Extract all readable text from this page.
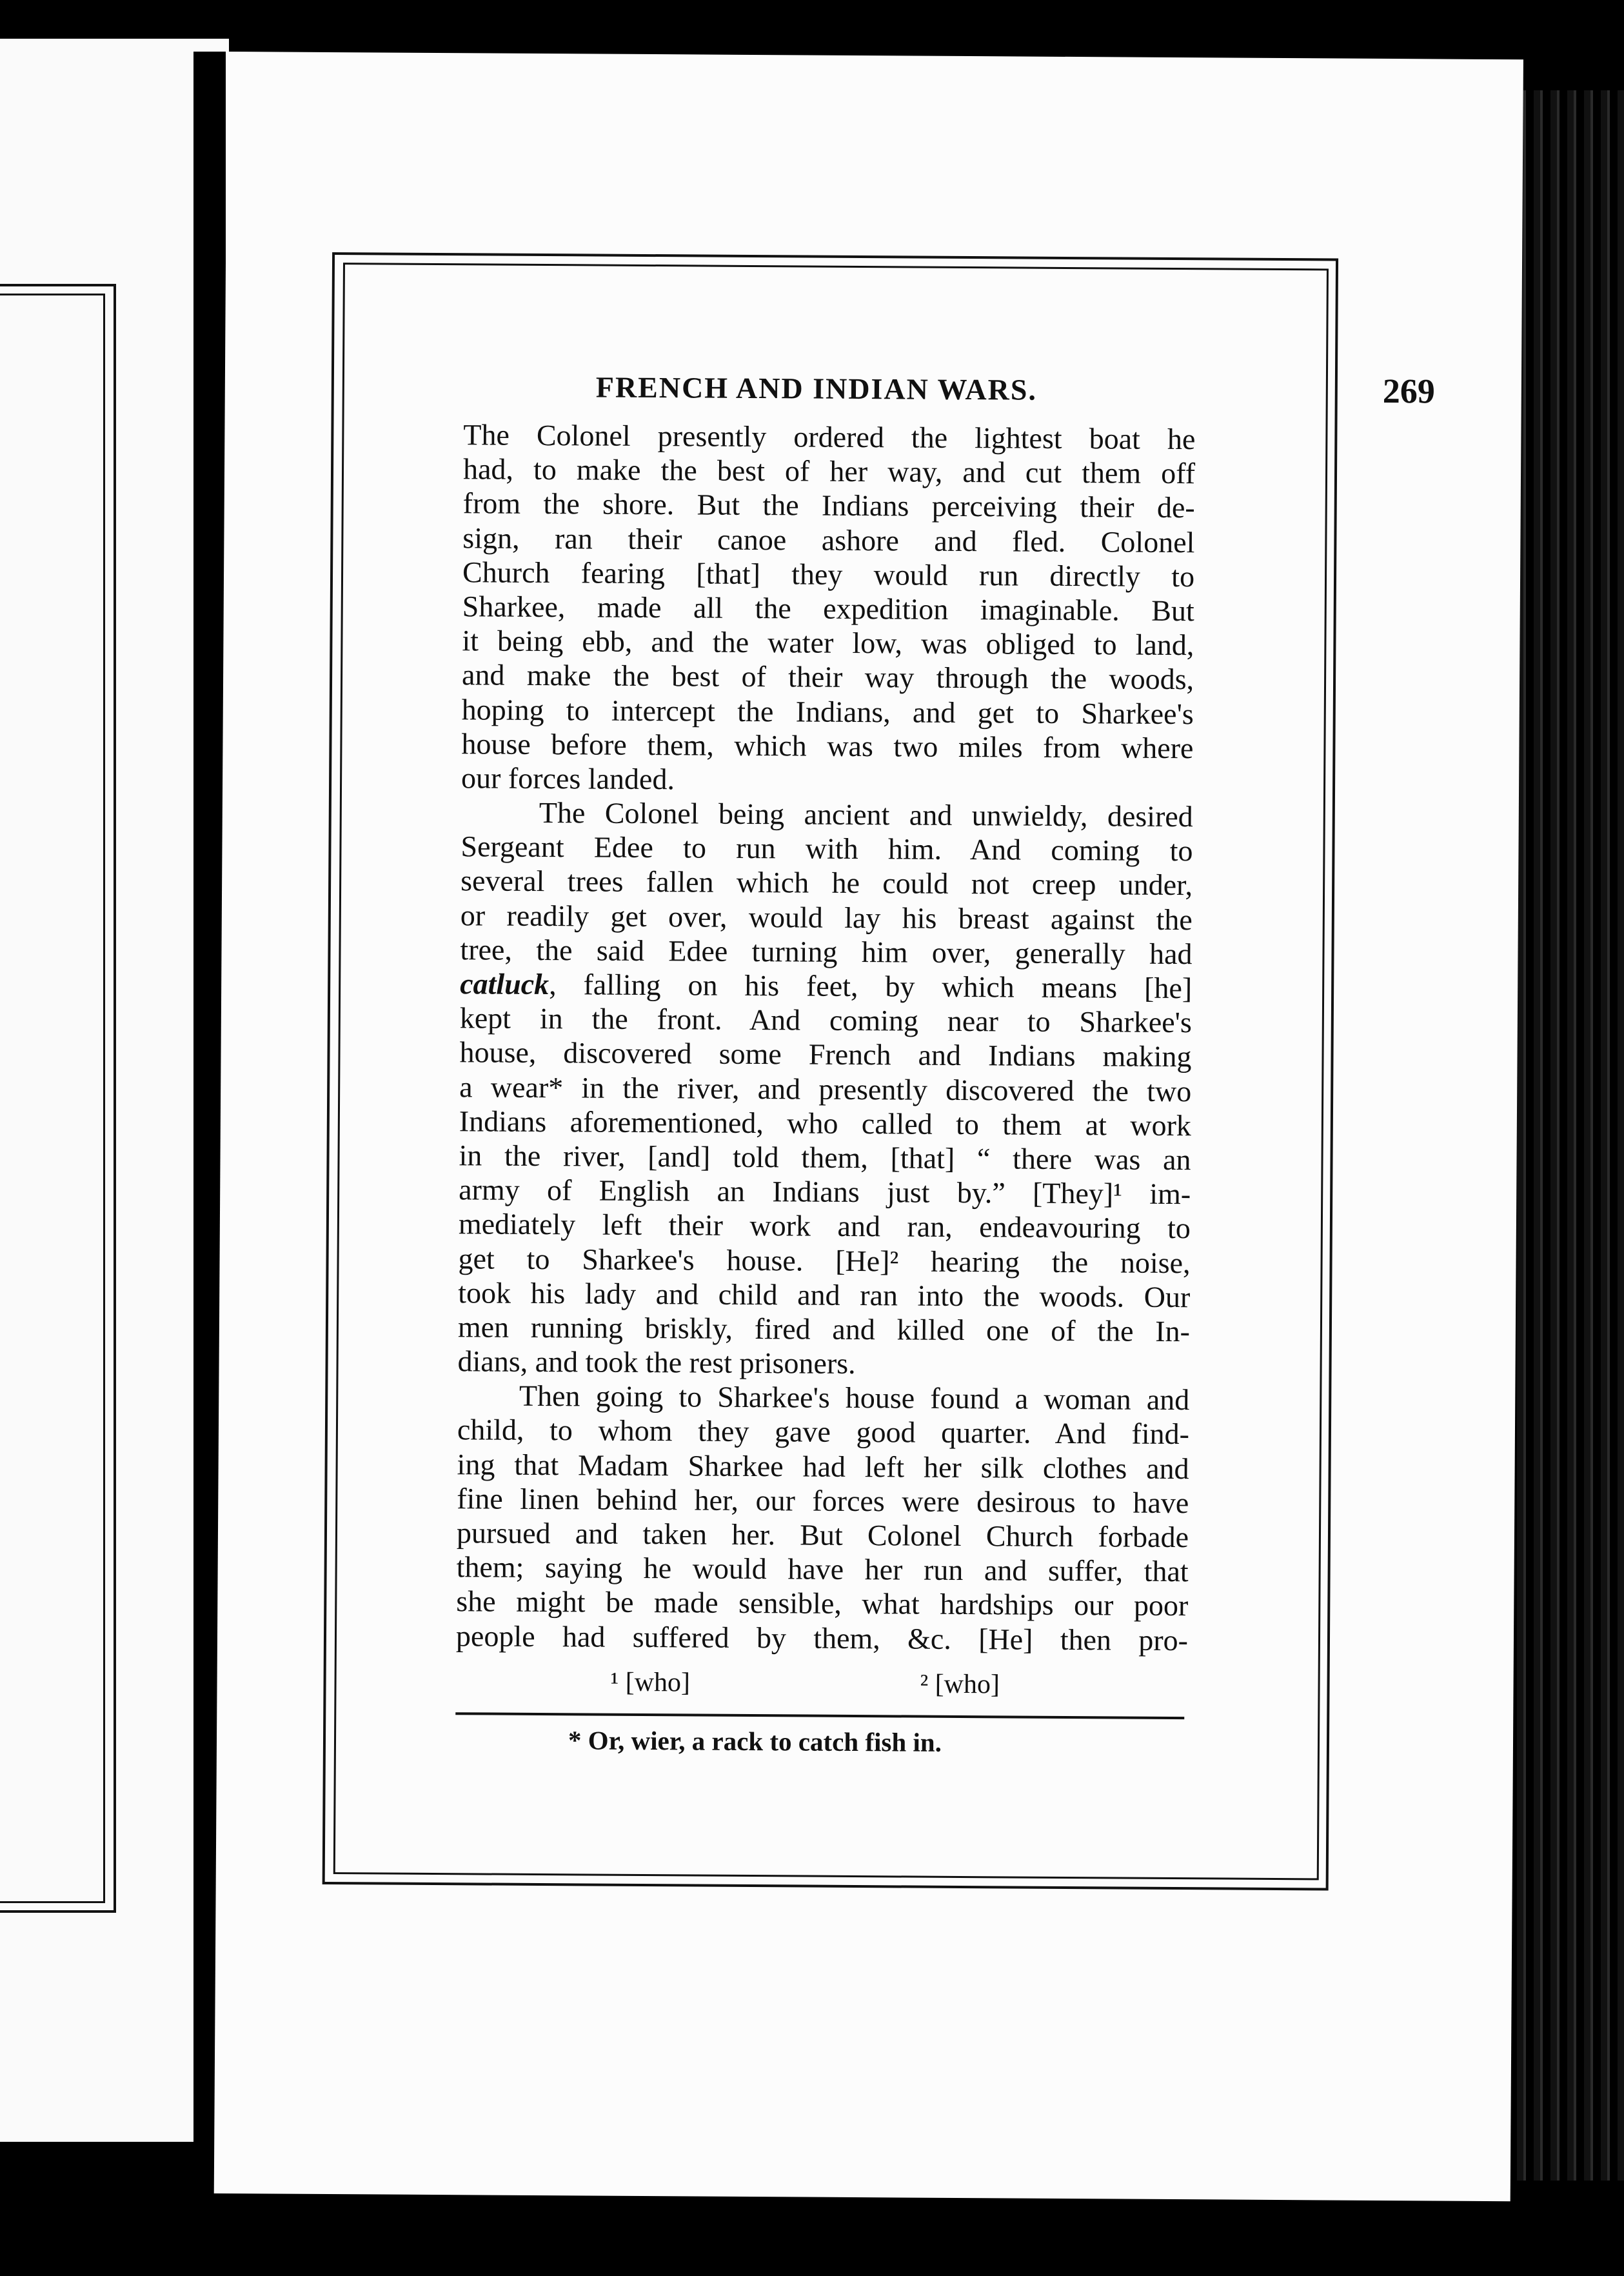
FRENCH AND INDIAN WARS.	269
The Colonel presently ordered the lightest boat he
had, to make the best of her way, and cut them off
from the shore. But the Indians perceiving their de-
sign, ran their canoe ashore and fled. Colonel
Church fearing [that] they would run directly to
Sharkee, made all the expedition imaginable. But
it being ebb, and the water low, was obliged to land,
and make the best of their way through the woods,
hoping to intercept the Indians, and get to Sharkee's
house before them, which was two miles from where
our forces landed.
The Colonel being ancient and unwieldy, desired
Sergeant Edee to run with him. And coming to
several trees fallen which he could not creep under,
or readily get over, would lay his breast against the
tree, the said Edee turning him over, generally had
catluck, falling on his feet, by which means [he]
kept in the front. And coming near to Sharkee's
house, discovered some French and Indians making
a wear* in the river, and presently discovered the two
Indians aforementioned, who called to them at work
in the river, [and] told them, [that] “ there was an
army of English an Indians just by.” [They]¹ im-
mediately left their work and ran, endeavouring to
get to Sharkee's house. [He]² hearing the noise,
took his lady and child and ran into the woods. Our
men running briskly, fired and killed one of the In-
dians, and took the rest prisoners.
Then going to Sharkee's house found a woman and
child, to whom they gave good quarter. And find-
ing that Madam Sharkee had left her silk clothes and
fine linen behind her, our forces were desirous to have
pursued and taken her. But Colonel Church forbade
them; saying he would have her run and suffer, that
she might be made sensible, what hardships our poor
people had suffered by them, &c. [He] then pro-
¹ [who]	² [who]
* Or, wier, a rack to catch fish in.
